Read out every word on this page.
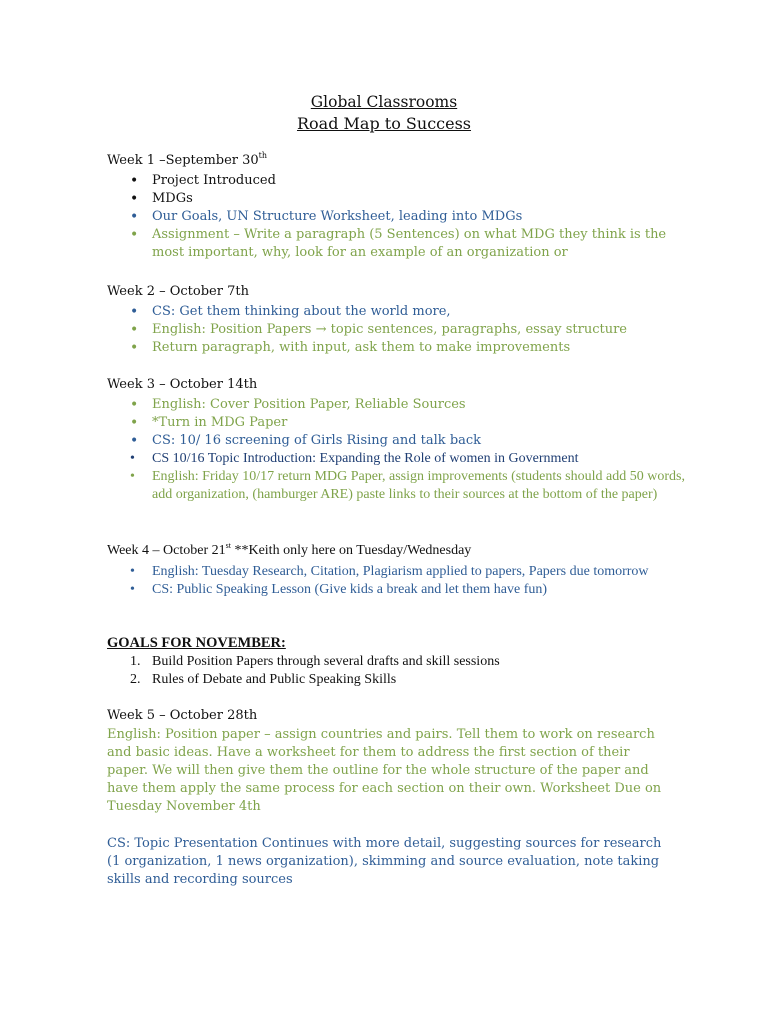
Global Classrooms
Road Map to Success
Week 1 –September 30th
• Project Introduced
• MDGs
• Our Goals, UN Structure Worksheet, leading into MDGs
• Assignment – Write a paragraph (5 Sentences) on what MDG they think is the most important, why, look for an example of an organization or
Week 2 – October 7th
• CS: Get them thinking about the world more,
• English: Position Papers → topic sentences, paragraphs, essay structure
• Return paragraph, with input, ask them to make improvements
Week 3 – October 14th
• English: Cover Position Paper, Reliable Sources
• *Turn in MDG Paper
• CS: 10/ 16 screening of Girls Rising and talk back
• CS 10/16 Topic Introduction: Expanding the Role of women in Government
• English: Friday 10/17 return MDG Paper, assign improvements (students should add 50 words, add organization, (hamburger ARE) paste links to their sources at the bottom of the paper)
Week 4 – October 21st **Keith only here on Tuesday/Wednesday
• English: Tuesday Research, Citation, Plagiarism applied to papers, Papers due tomorrow
• CS: Public Speaking Lesson (Give kids a break and let them have fun)
GOALS FOR NOVEMBER:
1. Build Position Papers through several drafts and skill sessions
2. Rules of Debate and Public Speaking Skills
Week 5 – October 28th
English: Position paper – assign countries and pairs. Tell them to work on research and basic ideas. Have a worksheet for them to address the first section of their paper. We will then give them the outline for the whole structure of the paper and have them apply the same process for each section on their own. Worksheet Due on Tuesday November 4th
CS: Topic Presentation Continues with more detail, suggesting sources for research (1 organization, 1 news organization), skimming and source evaluation, note taking skills and recording sources
